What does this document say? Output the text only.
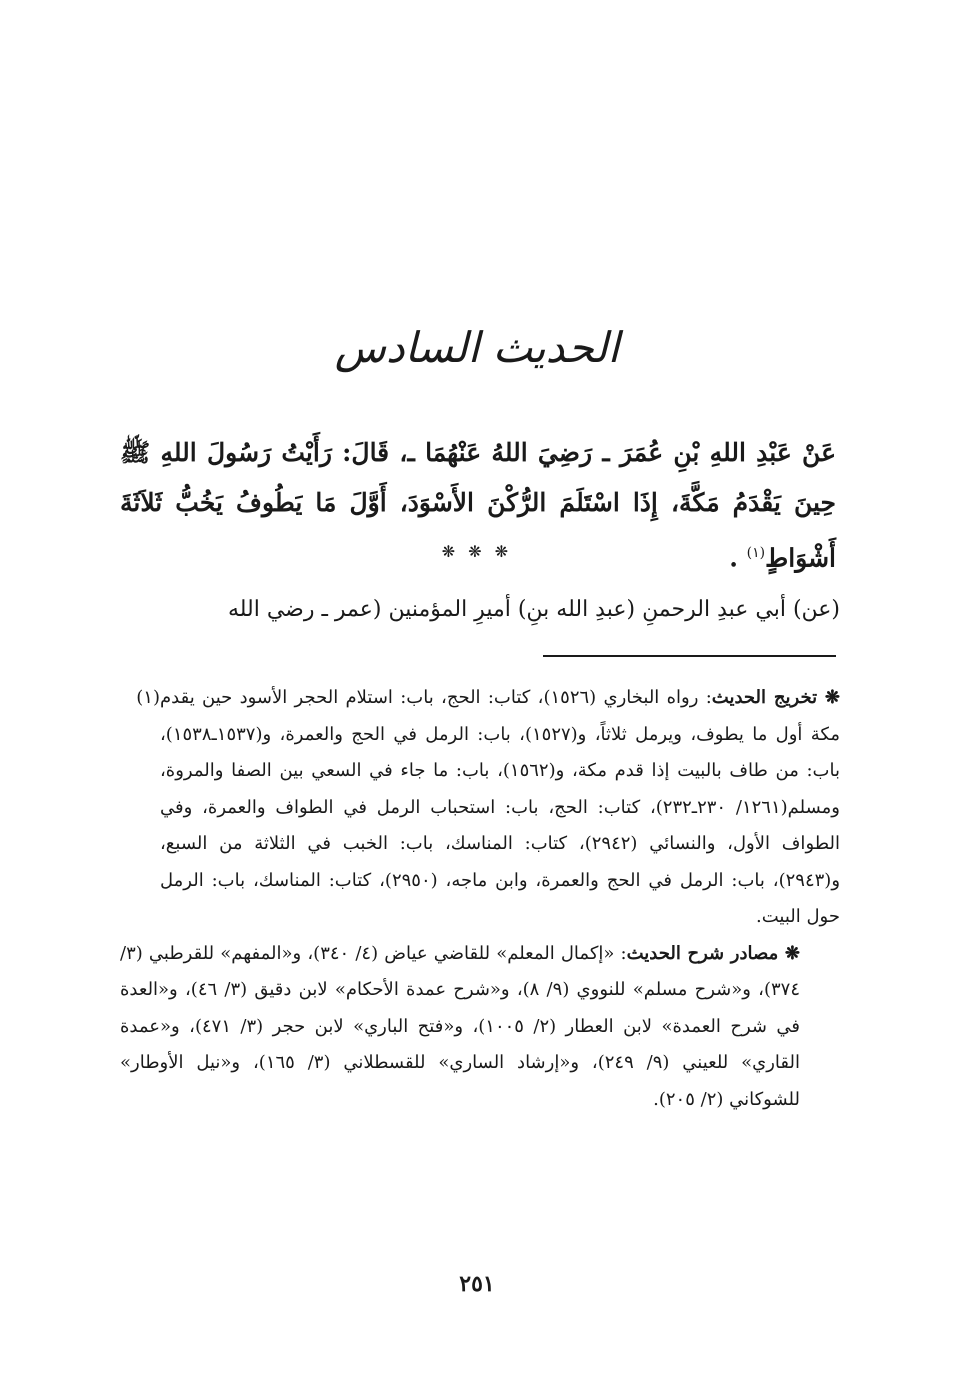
الحديث السادس
عَنْ عَبْدِ اللهِ بْنِ عُمَرَ ـ رَضِيَ اللهُ عَنْهُمَا ـ، قَالَ: رَأَيْتُ رَسُولَ اللهِ ﷺ حِينَ يَقْدَمُ مَكَّةَ، إِذَا اسْتَلَمَ الرُّكْنَ الأَسْوَدَ، أَوَّلَ مَا يَطُوفُ يَخُبُّ ثَلاَثَةَ أَشْوَاطٍ$^{(١)}$ .
❋ ❋ ❋
(عن) أبي عبدِ الرحمنِ (عبدِ الله بنِ) أميرِ المؤمنين (عمر ـ رضي الله
(١)	❋ تخريج الحديث: رواه البخاري (١٥٢٦)، كتاب: الحج، باب: استلام الحجر الأسود حين يقدم مكة أول ما يطوف، ويرمل ثلاثاً، و(١٥٢٧)، باب: الرمل في الحج والعمرة، و(١٥٣٧ـ١٥٣٨)، باب: من طاف بالبيت إذا قدم مكة، و(١٥٦٢)، باب: ما جاء في السعي بين الصفا والمروة، ومسلم(١٢٦١/ ٢٣٠ـ٢٣٢)، كتاب: الحج، باب: استحباب الرمل في الطواف والعمرة، وفي الطواف الأول، والنسائي (٢٩٤٢)، كتاب: المناسك، باب: الخبب في الثلاثة من السبع، و(٢٩٤٣)، باب: الرمل في الحج والعمرة، وابن ماجه، (٢٩٥٠)، كتاب: المناسك، باب: الرمل حول البيت.
❋ مصادر شرح الحديث: «إكمال المعلم» للقاضي عياض (٤/ ٣٤٠)، و«المفهم» للقرطبي (٣/ ٣٧٤)، و«شرح مسلم» للنووي (٩/ ٨)، و«شرح عمدة الأحكام» لابن دقيق (٣/ ٤٦)، و«العدة في شرح العمدة» لابن العطار (٢/ ١٠٠٥)، و«فتح الباري» لابن حجر (٣/ ٤٧١)، و«عمدة القاري» للعيني (٩/ ٢٤٩)، و«إرشاد الساري» للقسطلاني (٣/ ١٦٥)، و«نيل الأوطار» للشوكاني (٢/ ٢٠٥).
٢٥١
